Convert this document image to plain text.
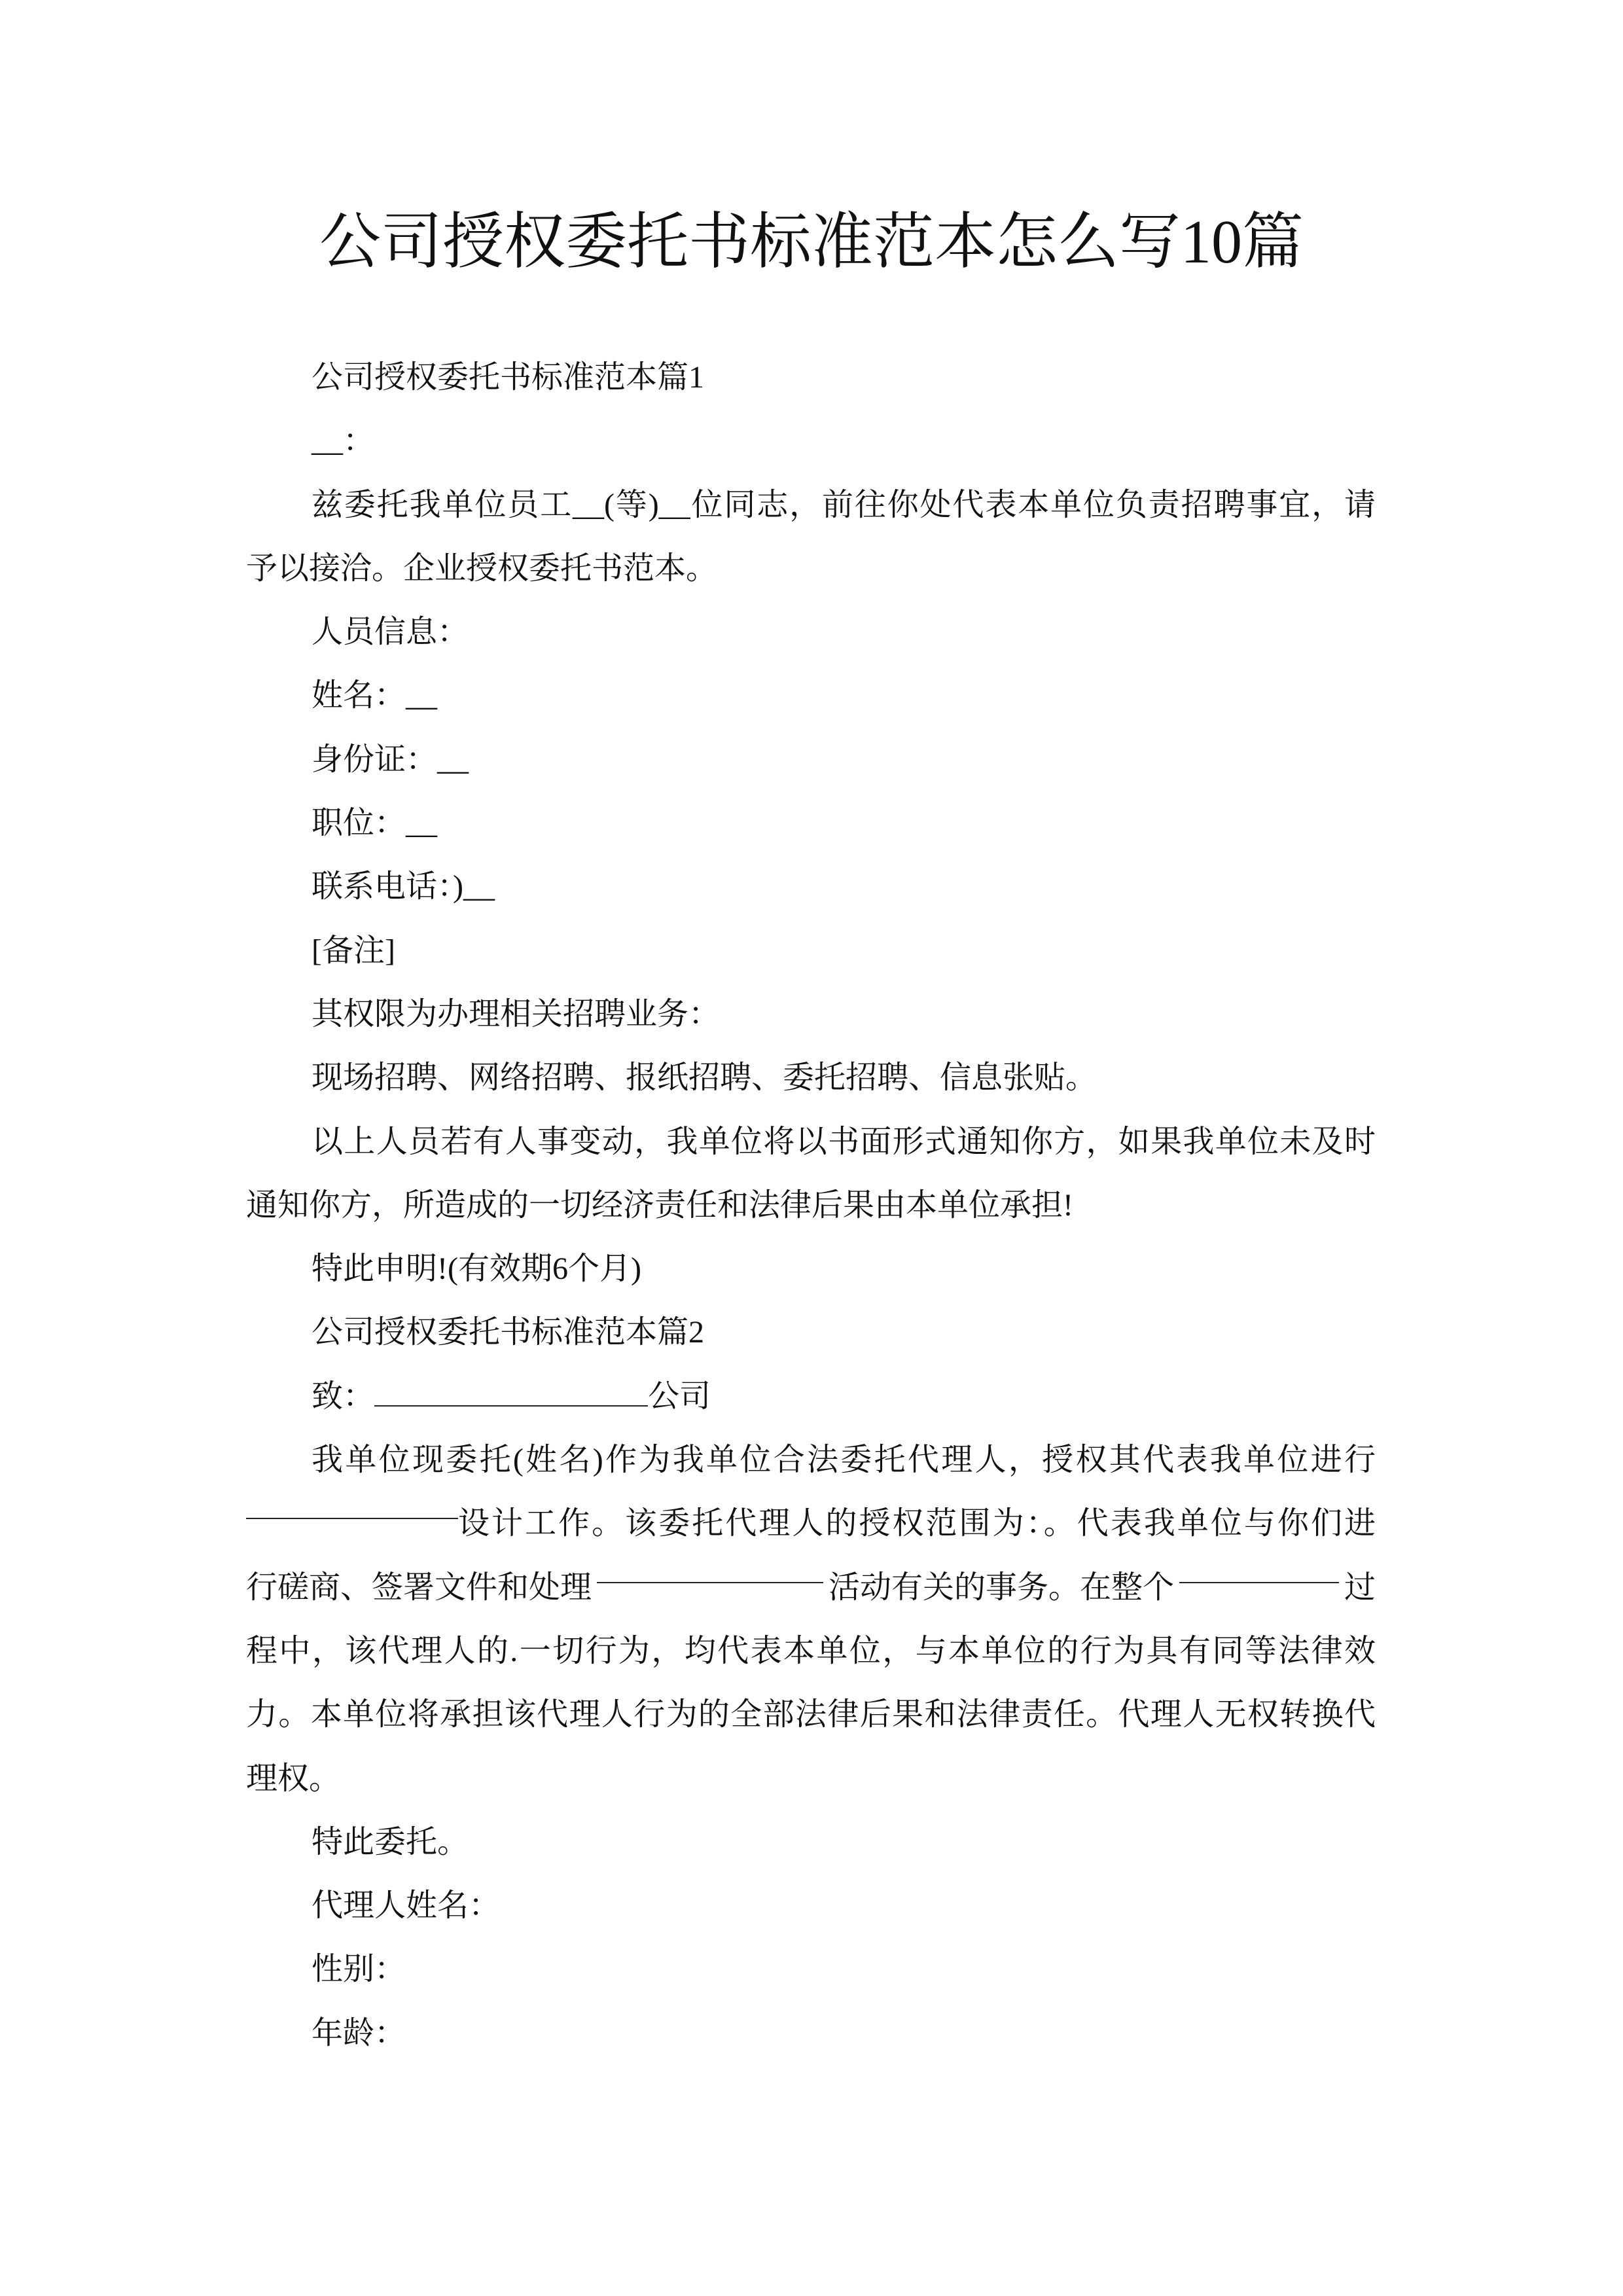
公司授权委托书标准范本怎么写10篇
公司授权委托书标准范本篇1
__：
兹委托我单位员工__(等)__位同志，前往你处代表本单位负责招聘事宜，请
予以接洽。企业授权委托书范本。
人员信息：
姓名：__
身份证：__
职位：__
联系电话：)__
[备注]
其权限为办理相关招聘业务：
现场招聘、网络招聘、报纸招聘、委托招聘、信息张贴。
以上人员若有人事变动，我单位将以书面形式通知你方，如果我单位未及时
通知你方，所造成的一切经济责任和法律后果由本单位承担!
特此申明!(有效期6个月)
公司授权委托书标准范本篇2
致：	公司
我单位现委托(姓名)作为我单位合法委托代理人，授权其代表我单位进行
设计工作。该委托代理人的授权范围为：。代表我单位与你们进
行磋商、签署文件和处理	活动有关的事务。在整个	过
程中，该代理人的.一切行为，均代表本单位，与本单位的行为具有同等法律效
力。本单位将承担该代理人行为的全部法律后果和法律责任。代理人无权转换代
理权。
特此委托。
代理人姓名：
性别：
年龄：
